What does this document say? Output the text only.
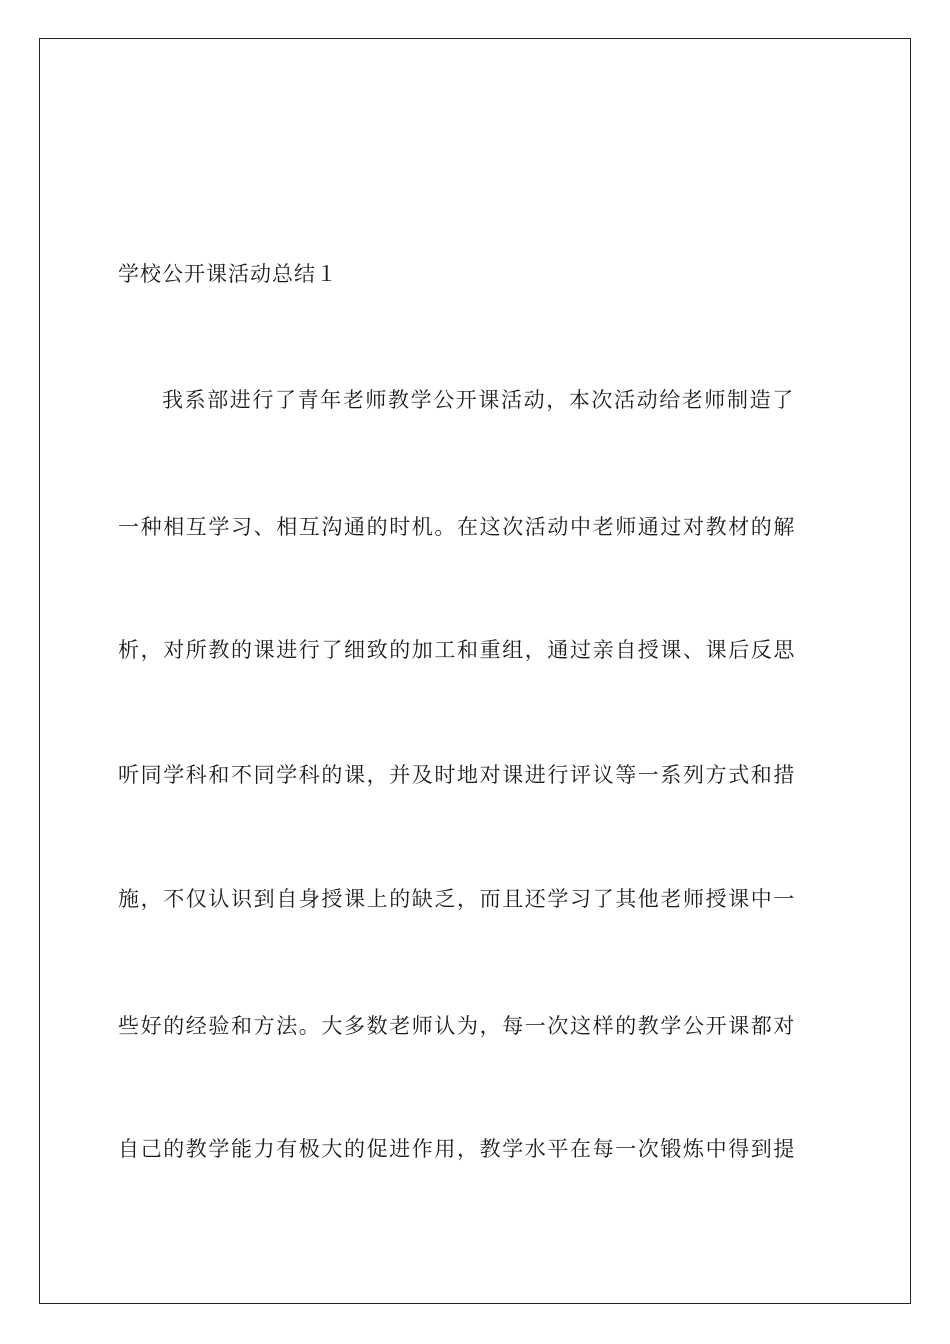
学校公开课活动总结１

我系部进行了青年老师教学公开课活动，本次活动给老师制造了

一种相互学习、相互沟通的时机。在这次活动中老师通过对教材的解

析，对所教的课进行了细致的加工和重组，通过亲自授课、课后反思

听同学科和不同学科的课，并及时地对课进行评议等一系列方式和措

施，不仅认识到自身授课上的缺乏，而且还学习了其他老师授课中一

些好的经验和方法。大多数老师认为，每一次这样的教学公开课都对

自己的教学能力有极大的促进作用，教学水平在每一次锻炼中得到提
